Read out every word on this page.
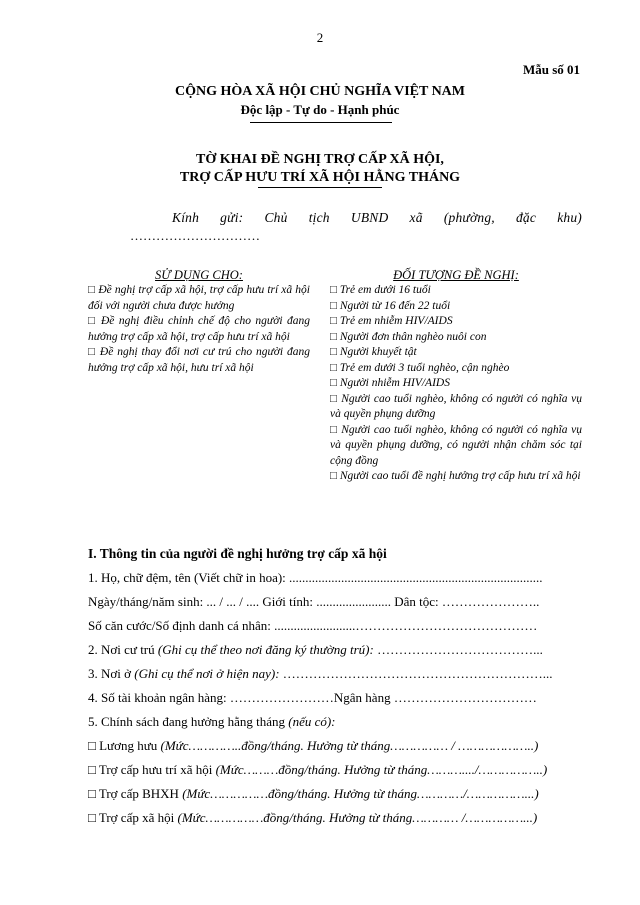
2
Mẫu số 01
CỘNG HÒA XÃ HỘI CHỦ NGHĨA VIỆT NAM
Độc lập - Tự do - Hạnh phúc
TỜ KHAI ĐỀ NGHỊ TRỢ CẤP XÃ HỘI,
TRỢ CẤP HƯU TRÍ XÃ HỘI HẰNG THÁNG
Kính gửi: Chủ tịch UBND xã (phường, đặc khu)
…………………………
SỬ DỤNG CHO:
□ Đề nghị trợ cấp xã hội, trợ cấp hưu trí xã hội đối với người chưa được hưởng
□ Đề nghị điều chỉnh chế độ cho người đang hưởng trợ cấp xã hội, trợ cấp hưu trí xã hội
□ Đề nghị thay đổi nơi cư trú cho người đang hưởng trợ cấp xã hội, hưu trí xã hội
ĐỐI TƯỢNG ĐỀ NGHỊ:
□ Trẻ em dưới 16 tuổi
□ Người từ 16 đến 22 tuổi
□ Trẻ em nhiễm HIV/AIDS
□ Người đơn thân nghèo nuôi con
□ Người khuyết tật
□ Trẻ em dưới 3 tuổi nghèo, cận nghèo
□ Người nhiễm HIV/AIDS
□ Người cao tuổi nghèo, không có người có nghĩa vụ và quyền phụng dưỡng
□ Người cao tuổi nghèo, không có người có nghĩa vụ và quyền phụng dưỡng, có người nhận chăm sóc tại cộng đồng
□ Người cao tuổi đề nghị hưởng trợ cấp hưu trí xã hội
I. Thông tin của người đề nghị hưởng trợ cấp xã hội
1. Họ, chữ đệm, tên (Viết chữ in hoa): ..............................................................................
Ngày/tháng/năm sinh: ... / ... / .... Giới tính: ....................... Dân tộc: …………………..
Số căn cước/Số định danh cá nhân: .........................……………………………………
2. Nơi cư trú (Ghi cụ thể theo nơi đăng ký thường trú): ………………………………...
3. Nơi ở (Ghi cụ thể nơi ở hiện nay): ……………………………………………………...
4. Số tài khoản ngân hàng: ……………………Ngân hàng ……………………………
5. Chính sách đang hưởng hằng tháng (nếu có):
□ Lương hưu (Mức…………..đồng/tháng. Hưởng từ tháng…………… / ………………..)
□ Trợ cấp hưu trí xã hội (Mức………đồng/tháng. Hưởng từ tháng………..../……………..)
□ Trợ cấp BHXH (Mức……………đồng/tháng. Hưởng từ tháng…………/……………...)
□ Trợ cấp xã hội (Mức……………đồng/tháng. Hưởng từ tháng………… /……………...)
